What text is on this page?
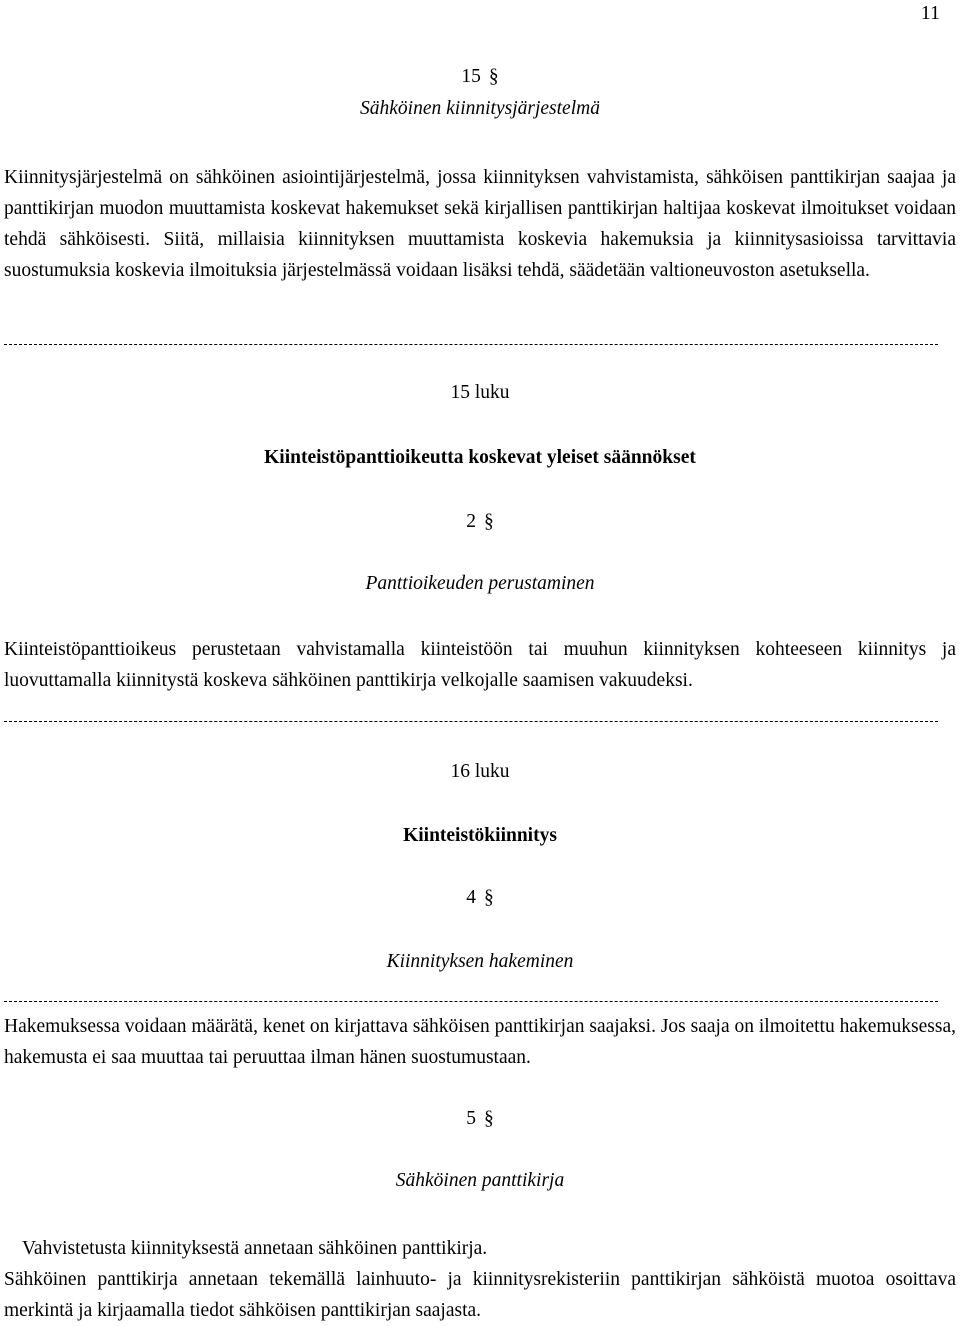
11
15 §
Sähköinen kiinnitysjärjestelmä
Kiinnitysjärjestelmä on sähköinen asiointijärjestelmä, jossa kiinnityksen vahvistamista, sähköisen panttikirjan saajaa ja panttikirjan muodon muuttamista koskevat hakemukset sekä kirjallisen panttikirjan haltijaa koskevat ilmoitukset voidaan tehdä sähköisesti. Siitä, millaisia kiinnityksen muuttamista koskevia hakemuksia ja kiinnitysasioissa tarvittavia suostumuksia koskevia ilmoituksia järjestelmässä voidaan lisäksi tehdä, säädetään valtioneuvoston asetuksella.
15 luku
Kiinteistöpanttioikeutta koskevat yleiset säännökset
2 §
Panttioikeuden perustaminen
Kiinteistöpanttioikeus perustetaan vahvistamalla kiinteistöön tai muuhun kiinnityksen kohteeseen kiinnitys ja luovuttamalla kiinnitystä koskeva sähköinen panttikirja velkojalle saamisen vakuudeksi.
16 luku
Kiinteistökiinnitys
4 §
Kiinnityksen hakeminen
Hakemuksessa voidaan määrätä, kenet on kirjattava sähköisen panttikirjan saajaksi. Jos saaja on ilmoitettu hakemuksessa, hakemusta ei saa muuttaa tai peruuttaa ilman hänen suostumustaan.
5 §
Sähköinen panttikirja
Vahvistetusta kiinnityksestä annetaan sähköinen panttikirja.
Sähköinen panttikirja annetaan tekemällä lainhuuto- ja kiinnitysrekisteriin panttikirjan sähköistä muotoa osoittava merkintä ja kirjaamalla tiedot sähköisen panttikirjan saajasta.
